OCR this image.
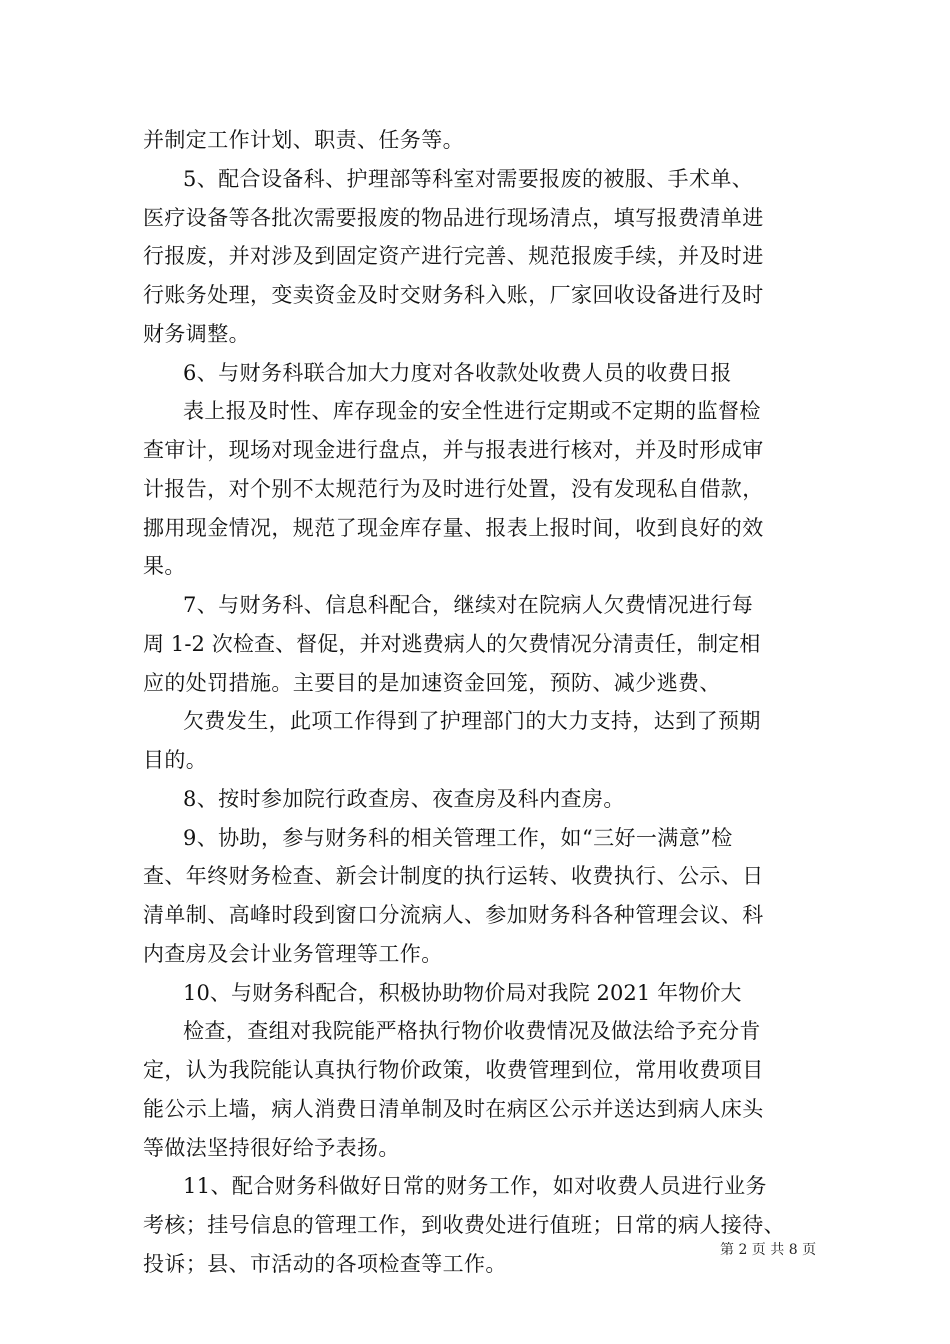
并制定工作计划、职责、任务等。
5、配合设备科、护理部等科室对需要报废的被服、手术单、
医疗设备等各批次需要报废的物品进行现场清点，填写报费清单进
行报废，并对涉及到固定资产进行完善、规范报废手续，并及时进
行账务处理，变卖资金及时交财务科入账，厂家回收设备进行及时
财务调整。
6、与财务科联合加大力度对各收款处收费人员的收费日报
表上报及时性、库存现金的安全性进行定期或不定期的监督检
查审计，现场对现金进行盘点，并与报表进行核对，并及时形成审
计报告，对个别不太规范行为及时进行处置，没有发现私自借款，
挪用现金情况，规范了现金库存量、报表上报时间，收到良好的效
果。
7、与财务科、信息科配合，继续对在院病人欠费情况进行每
周 1-2 次检查、督促，并对逃费病人的欠费情况分清责任，制定相
应的处罚措施。主要目的是加速资金回笼，预防、减少逃费、
欠费发生，此项工作得到了护理部门的大力支持，达到了预期
目的。
8、按时参加院行政查房、夜查房及科内查房。
9、协助，参与财务科的相关管理工作，如“三好一满意”检
查、年终财务检查、新会计制度的执行运转、收费执行、公示、日
清单制、高峰时段到窗口分流病人、参加财务科各种管理会议、科
内查房及会计业务管理等工作。
10、与财务科配合，积极协助物价局对我院 2021 年物价大
检查，查组对我院能严格执行物价收费情况及做法给予充分肯
定，认为我院能认真执行物价政策，收费管理到位，常用收费项目
能公示上墙，病人消费日清单制及时在病区公示并送达到病人床头
等做法坚持很好给予表扬。
11、配合财务科做好日常的财务工作，如对收费人员进行业务
考核；挂号信息的管理工作，到收费处进行值班；日常的病人接待、
投诉；县、市活动的各项检查等工作。
第 2 页 共 8 页
